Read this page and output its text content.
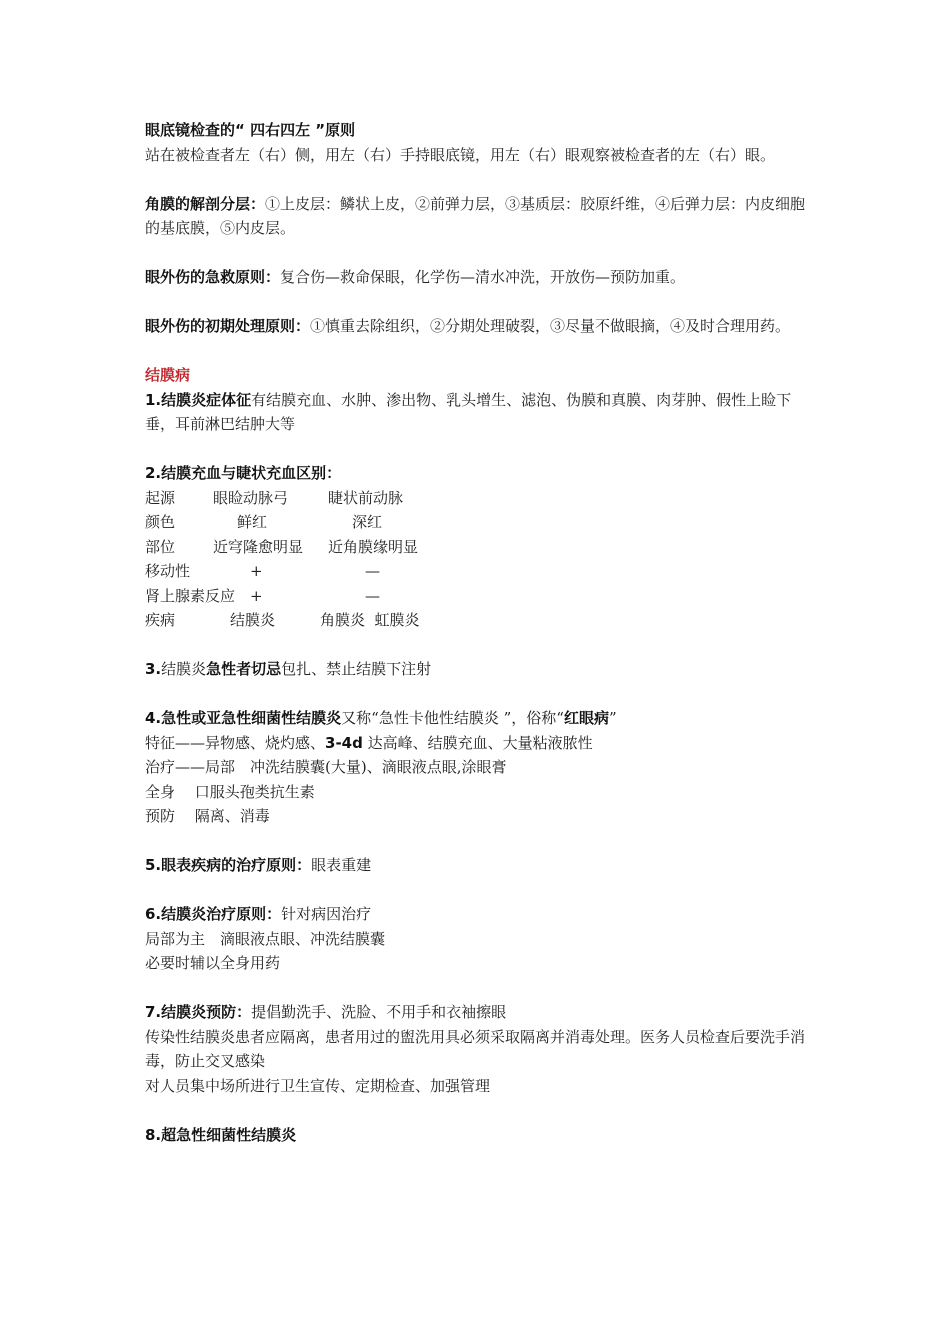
眼底镜检查的“ 四右四左 ”原则
站在被检查者左（右）侧，用左（右）手持眼底镜，用左（右）眼观察被检查者的左（右）眼。
角膜的解剖分层：①上皮层：鳞状上皮，②前弹力层，③基质层：胶原纤维，④后弹力层：内皮细胞的基底膜，⑤内皮层。
眼外伤的急救原则：复合伤—救命保眼，化学伤—清水冲洗，开放伤—预防加重。
眼外伤的初期处理原则：①慎重去除组织，②分期处理破裂，③尽量不做眼摘，④及时合理用药。
结膜病
1.结膜炎症体征有结膜充血、水肿、渗出物、乳头增生、滤泡、伪膜和真膜、肉芽肿、假性上睑下垂，耳前淋巴结肿大等
2.结膜充血与睫状充血区别：
起源	眼睑动脉弓	睫状前动脉
颜色	鲜红	深红
部位	近穹隆愈明显 近角膜缘明显
移动性	+	—
肾上腺素反应 +	—
疾病	结膜炎	角膜炎  虹膜炎
3.结膜炎急性者切忌包扎、禁止结膜下注射
4.急性或亚急性细菌性结膜炎又称“急性卡他性结膜炎 ”，俗称“红眼病”
特征——异物感、烧灼感、3-4d 达高峰、结膜充血、大量粘液脓性
治疗——局部　冲洗结膜囊(大量)、滴眼液点眼,涂眼膏
全身　 口服头孢类抗生素
预防　 隔离、消毒
5.眼表疾病的治疗原则：眼表重建
6.结膜炎治疗原则：针对病因治疗
局部为主　滴眼液点眼、冲洗结膜囊
必要时辅以全身用药
7.结膜炎预防：提倡勤洗手、洗脸、不用手和衣袖擦眼
传染性结膜炎患者应隔离，患者用过的盥洗用具必须采取隔离并消毒处理。医务人员检查后要洗手消毒，防止交叉感染
对人员集中场所进行卫生宣传、定期检查、加强管理
8.超急性细菌性结膜炎
